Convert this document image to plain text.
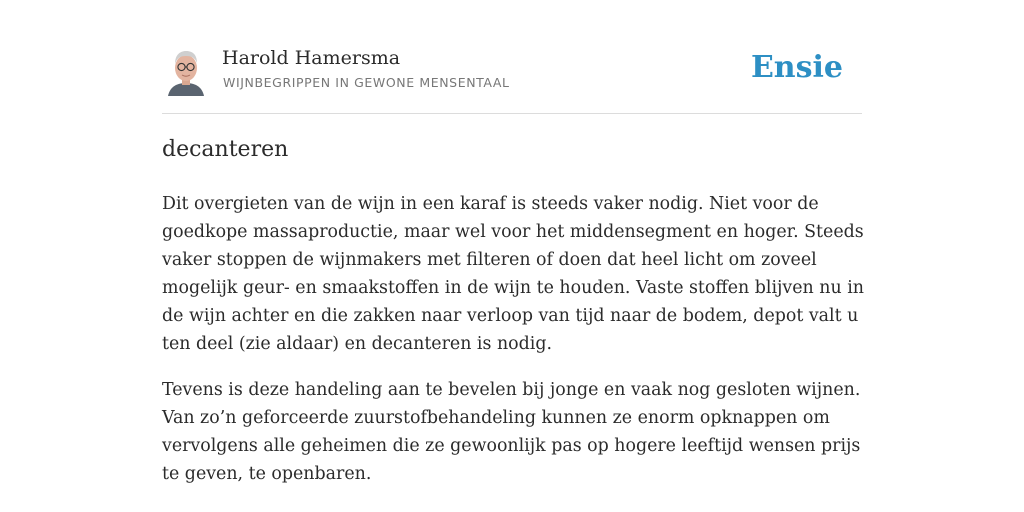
Harold Hamersma
WIJNBEGRIPPEN IN GEWONE MENSENTAAL	Ensie
decanteren

Dit overgieten van de wijn in een karaf is steeds vaker nodig. Niet voor de goedkope massaproductie, maar wel voor het middensegment en hoger. Steeds vaker stoppen de wijnmakers met filteren of doen dat heel licht om zoveel mogelijk geur- en smaakstoffen in de wijn te houden. Vaste stoffen blijven nu in de wijn achter en die zakken naar verloop van tijd naar de bodem, depot valt u ten deel (zie aldaar) en decanteren is nodig.

Tevens is deze handeling aan te bevelen bij jonge en vaak nog gesloten wijnen. Van zo’n geforceerde zuurstofbehandeling kunnen ze enorm opknappen om vervolgens alle geheimen die ze gewoonlijk pas op hogere leeftijd wensen prijs te geven, te openbaren.
